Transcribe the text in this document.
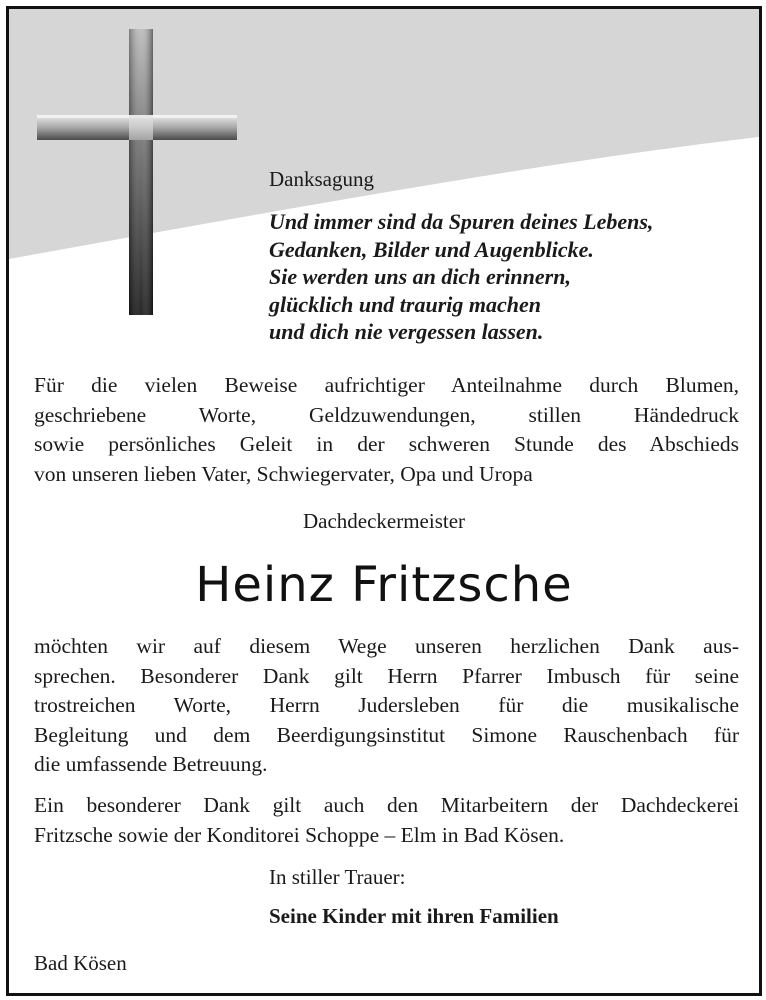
Danksagung

Und immer sind da Spuren deines Lebens,
Gedanken, Bilder und Augenblicke.
Sie werden uns an dich erinnern,
glücklich und traurig machen
und dich nie vergessen lassen.
Für die vielen Beweise aufrichtiger Anteilnahme durch Blumen,
geschriebene Worte, Geldzuwendungen, stillen Händedruck
sowie persönliches Geleit in der schweren Stunde des Abschieds
von unseren lieben Vater, Schwiegervater, Opa und Uropa

Dachdeckermeister

Heinz Fritzsche

möchten wir auf diesem Wege unseren herzlichen Dank aus-
sprechen. Besonderer Dank gilt Herrn Pfarrer Imbusch für seine
trostreichen Worte, Herrn Judersleben für die musikalische
Begleitung und dem Beerdigungsinstitut Simone Rauschenbach für
die umfassende Betreuung.
Ein besonderer Dank gilt auch den Mitarbeitern der Dachdeckerei
Fritzsche sowie der Konditorei Schoppe – Elm in Bad Kösen.

In stiller Trauer:

Seine Kinder mit ihren Familien

Bad Kösen
